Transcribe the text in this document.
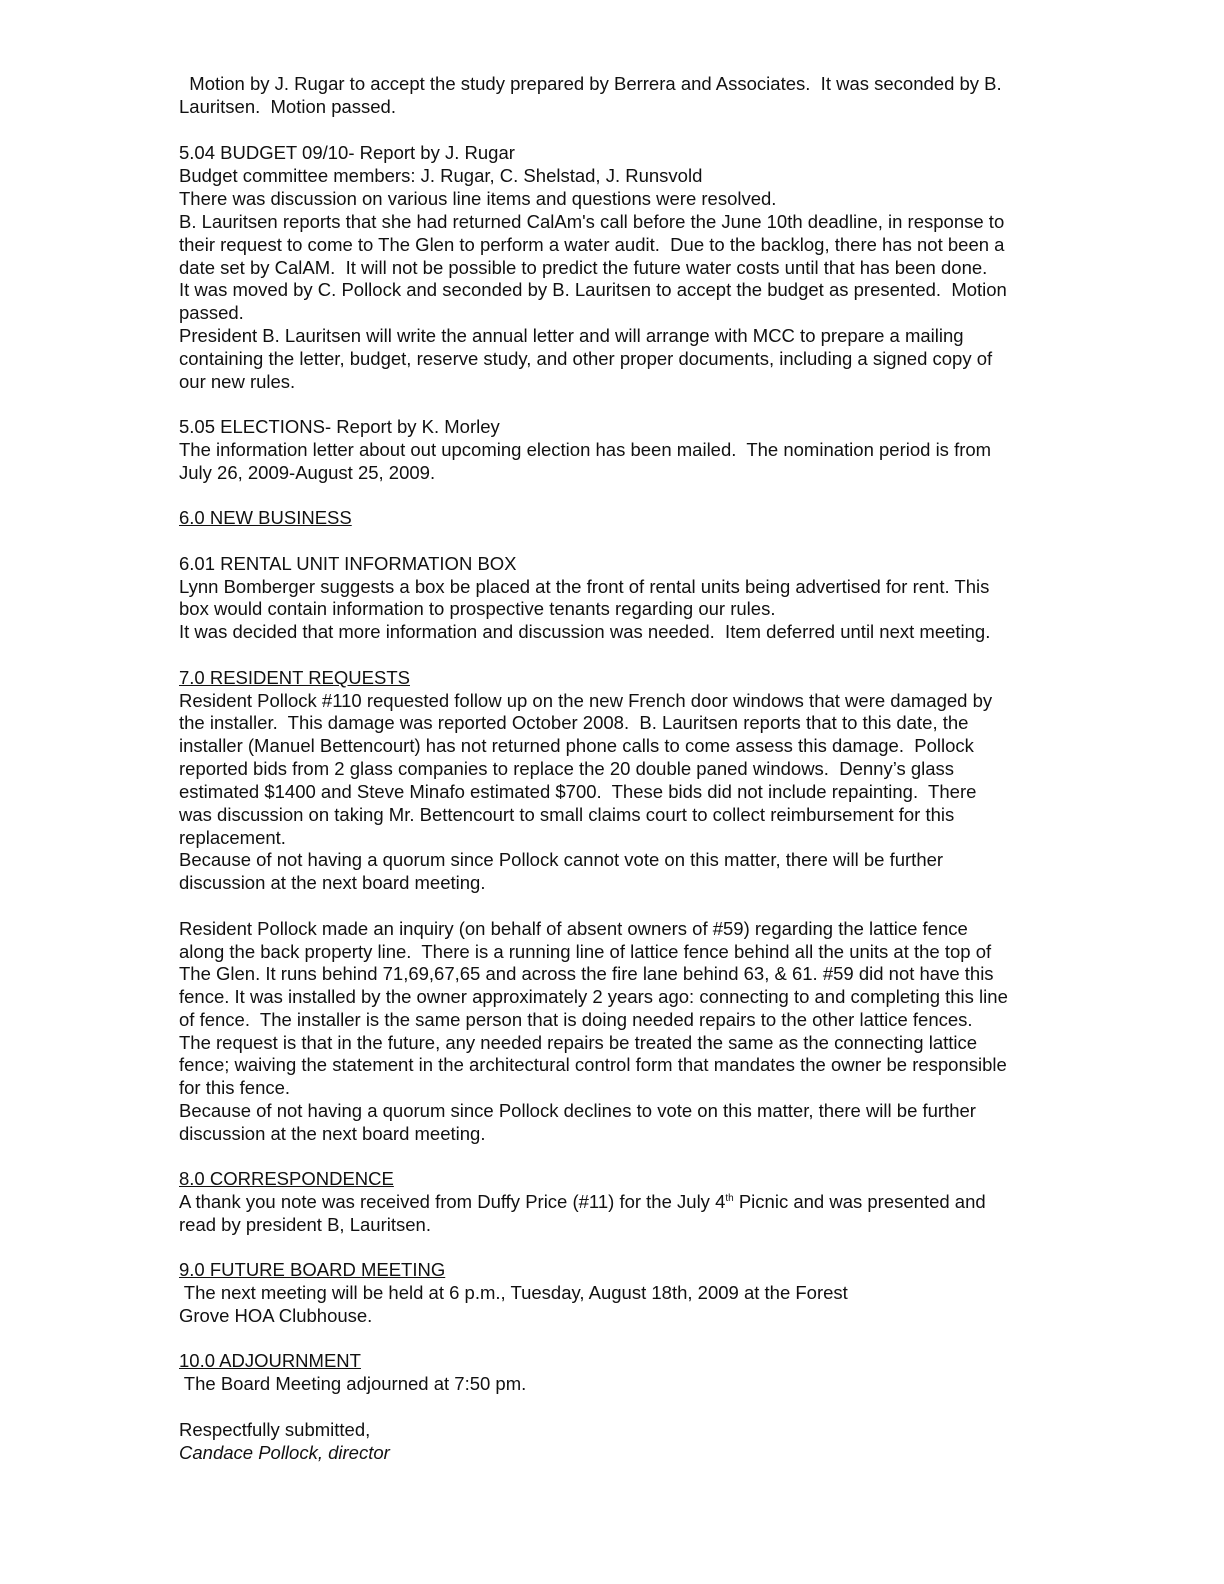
Motion by J. Rugar to accept the study prepared by Berrera and Associates.  It was seconded by B.
Lauritsen.  Motion passed.
5.04 BUDGET 09/10- Report by J. Rugar
Budget committee members: J. Rugar, C. Shelstad, J. Runsvold
There was discussion on various line items and questions were resolved.
B. Lauritsen reports that she had returned CalAm's call before the June 10th deadline, in response to
their request to come to The Glen to perform a water audit.  Due to the backlog, there has not been a
date set by CalAM.  It will not be possible to predict the future water costs until that has been done.
It was moved by C. Pollock and seconded by B. Lauritsen to accept the budget as presented.  Motion
passed.
President B. Lauritsen will write the annual letter and will arrange with MCC to prepare a mailing
containing the letter, budget, reserve study, and other proper documents, including a signed copy of
our new rules.
5.05 ELECTIONS- Report by K. Morley
The information letter about out upcoming election has been mailed.  The nomination period is from
July 26, 2009-August 25, 2009.
6.0 NEW BUSINESS
6.01 RENTAL UNIT INFORMATION BOX
Lynn Bomberger suggests a box be placed at the front of rental units being advertised for rent. This
box would contain information to prospective tenants regarding our rules.
It was decided that more information and discussion was needed.  Item deferred until next meeting.
7.0 RESIDENT REQUESTS
Resident Pollock #110 requested follow up on the new French door windows that were damaged by
the installer.  This damage was reported October 2008.  B. Lauritsen reports that to this date, the
installer (Manuel Bettencourt) has not returned phone calls to come assess this damage.  Pollock
reported bids from 2 glass companies to replace the 20 double paned windows.  Denny’s glass
estimated $1400 and Steve Minafo estimated $700.  These bids did not include repainting.  There
was discussion on taking Mr. Bettencourt to small claims court to collect reimbursement for this
replacement.
Because of not having a quorum since Pollock cannot vote on this matter, there will be further
discussion at the next board meeting.
Resident Pollock made an inquiry (on behalf of absent owners of #59) regarding the lattice fence
along the back property line.  There is a running line of lattice fence behind all the units at the top of
The Glen. It runs behind 71,69,67,65 and across the fire lane behind 63, & 61. #59 did not have this
fence. It was installed by the owner approximately 2 years ago: connecting to and completing this line
of fence.  The installer is the same person that is doing needed repairs to the other lattice fences.
The request is that in the future, any needed repairs be treated the same as the connecting lattice
fence; waiving the statement in the architectural control form that mandates the owner be responsible
for this fence.
Because of not having a quorum since Pollock declines to vote on this matter, there will be further
discussion at the next board meeting.
8.0 CORRESPONDENCE
A thank you note was received from Duffy Price (#11) for the July 4th Picnic and was presented and
read by president B, Lauritsen.
9.0 FUTURE BOARD MEETING
The next meeting will be held at 6 p.m., Tuesday, August 18th, 2009 at the Forest
Grove HOA Clubhouse.
10.0 ADJOURNMENT
The Board Meeting adjourned at 7:50 pm.
Respectfully submitted,
Candace Pollock, director
